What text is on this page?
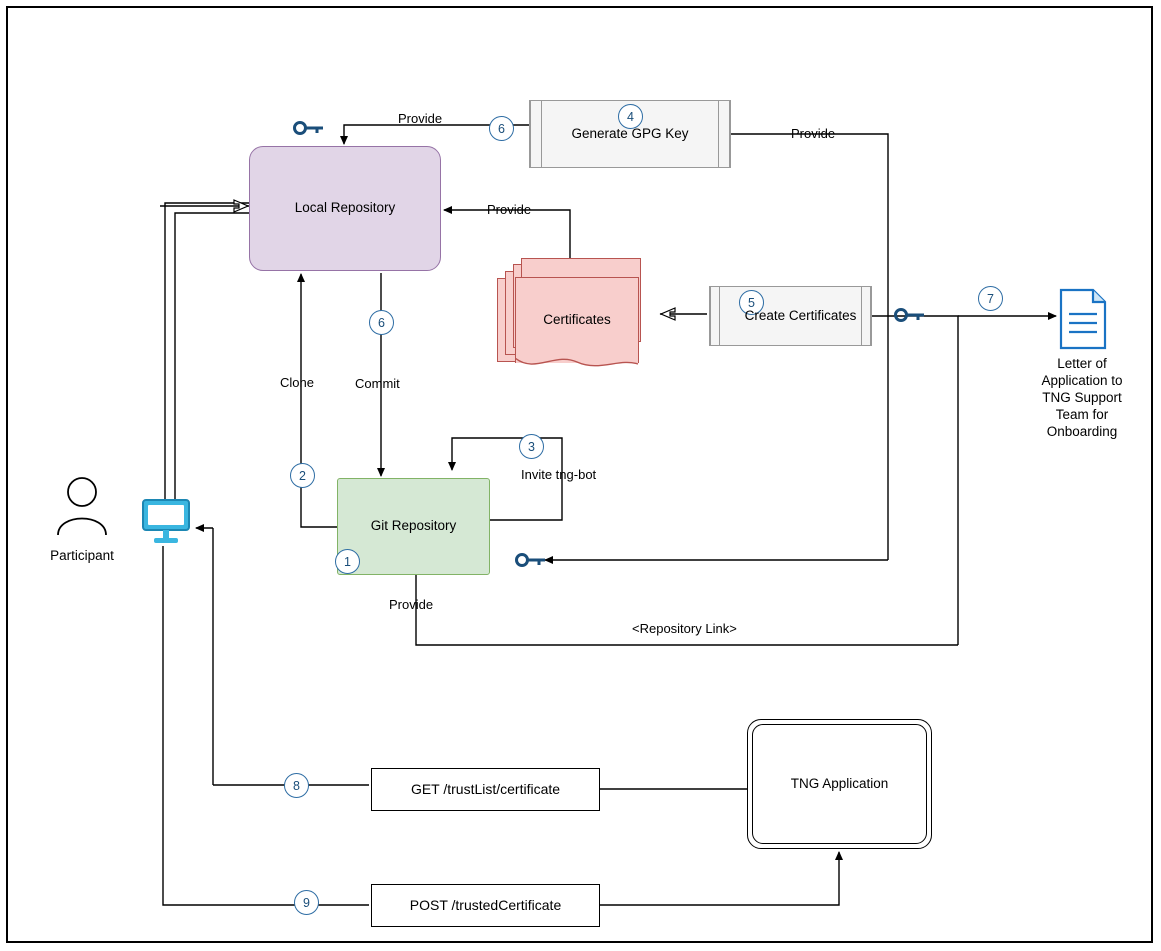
Local Repository
Git Repository
Generate GPG Key
Create Certificates
Certificates
TNG Application
GET /trustList/certificate
POST /trustedCertificate
Participant
Letter of Application to TNG Support Team for Onboarding
Provide
Provide
Provide
Clone	Commit
Invite tng-bot
Provide
<Repository Link>
6
4
5	7
6
2
3
1
8
9
